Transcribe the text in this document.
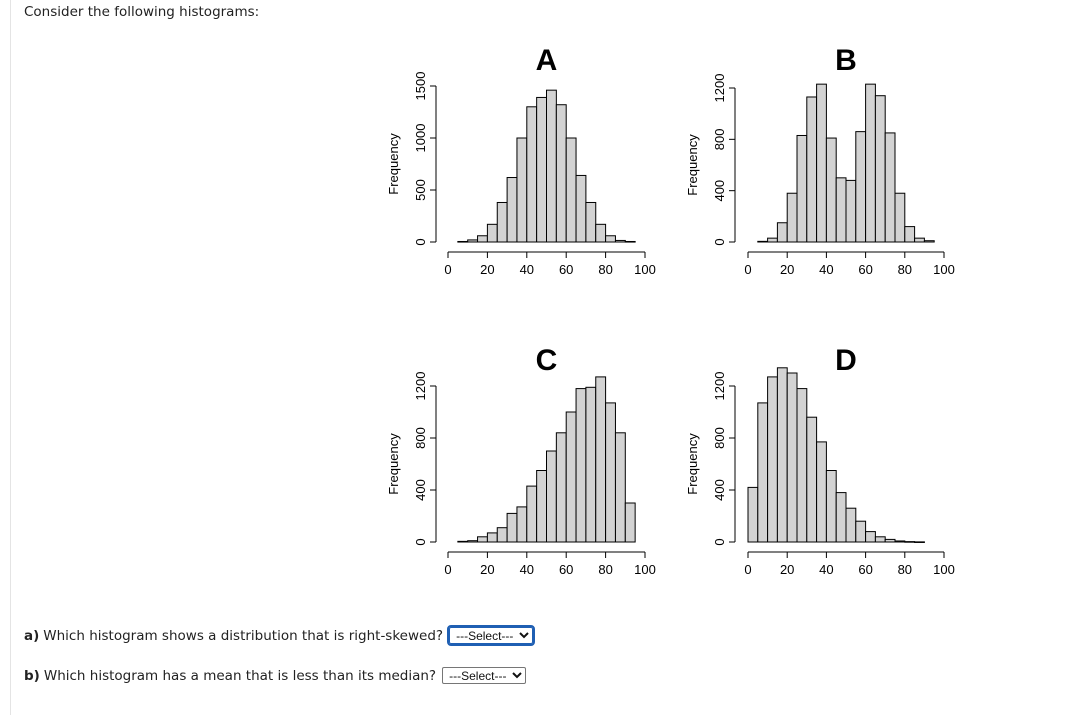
Consider the following histograms:
A
0 20 40 60 80 100
0
500
1000
1500
Frequency
B
0 20 40 60 80 100
0
400
800
1200
Frequency
C
0 20 40 60 80 100
0
400
800
1200
Frequency
D
0 20 40 60 80 100
0
400
800
1200
Frequency
a) Which histogram shows a distribution that is right-skewed?
---Select---
b) Which histogram has a mean that is less than its median?
---Select---
